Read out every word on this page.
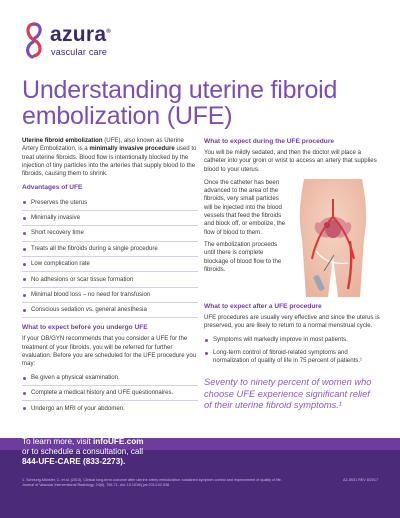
azura®
vascular care
Understanding uterine fibroid embolization (UFE)

Uterine fibroid embolization (UFE), also known as Uterine Artery Embolization, is a minimally invasive procedure used to treat uterine fibroids. Blood flow is intentionally blocked by the injection of tiny particles into the arteries that supply blood to the fibroids, causing them to shrink.

Advantages of UFE
Preserves the uterus
Minimally invasive
Short recovery time
Treats all the fibroids during a single procedure
Low complication rate
No adhesions or scar tissue formation
Minimal blood loss – no need for transfusion
Conscious sedation vs. general anesthesia
What to expect before you undergo UFE

If your OB/GYN recommends that you consider a UFE for the treatment of your fibroids, you will be referred for further evaluation. Before you are scheduled for the UFE procedure you may:

Be given a physical examination.
Complete a medical history and UFE questionnaires.
Undergo an MRI of your abdomen.
What to expect during the UFE procedure

You will be mildly sedated, and then the doctor will place a catheter into your groin or wrist to access an artery that supplies blood to your uterus.

Once the catheter has been advanced to the area of the fibroids, very small particles will be injected into the blood vessels that feed the fibroids and block off, or embolize, the flow of blood to them.

The embolization proceeds until there is complete blockage of blood flow to the fibroids.

What to expect after a UFE procedure

UFE procedures are usually very effective and since the uterus is preserved, you are likely to return to a normal menstrual cycle.

Symptoms will markedly improve in most patients.
Long-term control of fibroid-related symptoms and normalization of quality of life in 75 percent of patients.¹

Seventy to ninety percent of women who choose UFE experience significant relief of their uterine fibroid symptoms.¹

To learn more, visit infoUFE.com
or to schedule a consultation, call
844-UFE-CARE (833-2273).
1. Scheurig-Münkler, C. et al. (2013). Clinical long-term outcome after uterine artery embolization: sustained symptom control and improvement of quality of life. Journal of Vascular Interventional Radiology, 24(6), 765-71. doi: 10.1016/j.jvir.2013.02.038
AZ-8931 REV 8/2017
